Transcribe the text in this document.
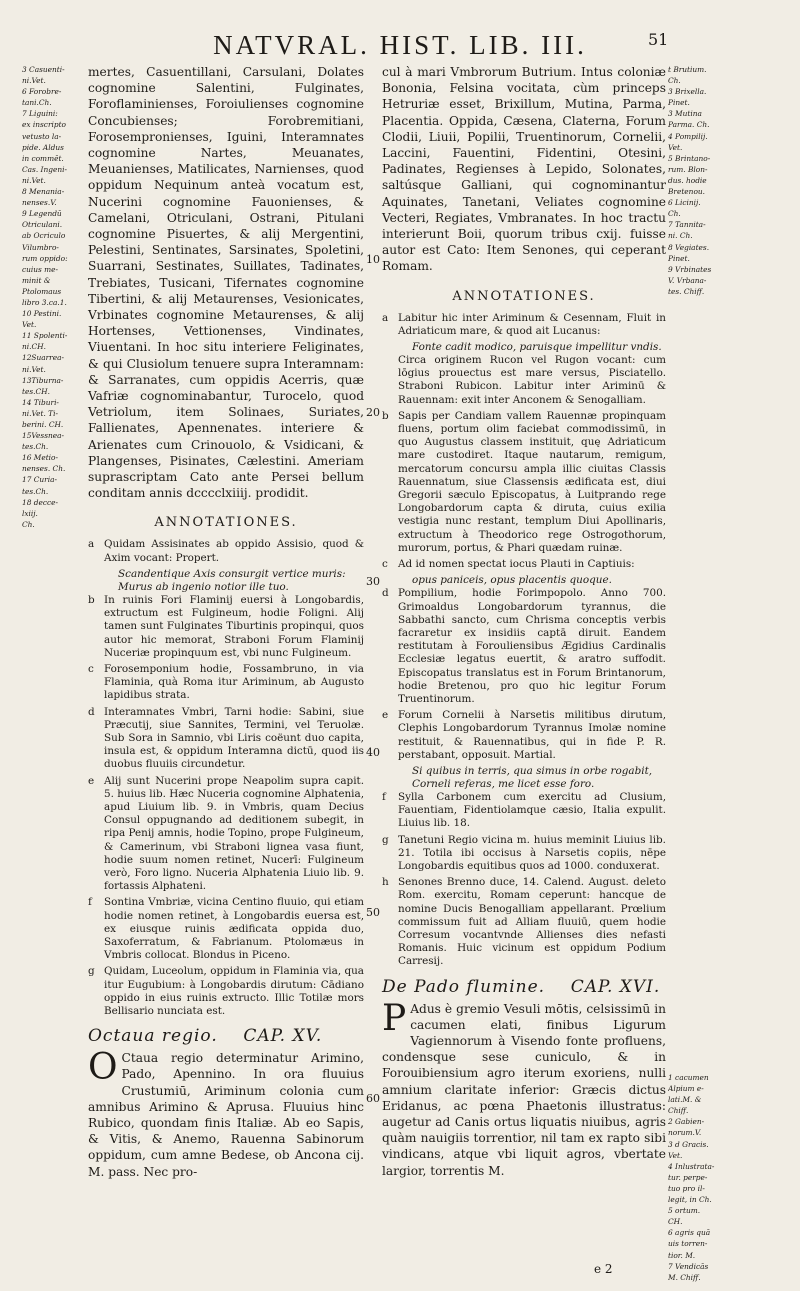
NATVRAL. HIST. LIB. III.	51
3 Casuenti-
ni.Vet.
6 Forobre-
tani.Ch.
7 Liguini:
ex inscripto
vetusto la-
pide. Aldus
in commēt.
Cas. Ingeni-
ni.Vet.
8 Menania-
nenses.V.
9 Legendū
Otriculani.
ab Ocriculo
Vilumbro-
rum oppido:
cuius me-
minit &
Ptolomaus
libro 3.ca.1.
10 Pestini.
Vet.
11 Spolenti-
ni.CH.
12Suarrea-
ni.Vet.
13Tiburna-
tes.CH.
14 Tiburi-
ni.Vet. Ti-
berini. CH.
15Vessnea-
tes.Ch.
16 Metio-
nenses. Ch.
17 Curia-
tes.Ch.
18 decce-
lxiij.
Ch.
t Brutium.
Ch.
3 Brixella.
Pinet.
3 Mutina
Parma. Ch.
4 Pompilij.
Vet.
5 Brintano-
rum. Blon-
dus. hodie
Bretenou.
6 Licinij.
Ch.
7 Tannita-
ni. Ch.
8 Vegiates.
Pinet.
9 Vrbinates
V. Vrbana-
tes. Chiff.
1 cacumen
Alpium e-
lati.M. &
Chiff.
2 Gabien-
norum.V.
3 d Gracis.
Vet.
4 Inlustrata-
tur. perpe-
tuo pro il-
legit, in Ch.
5 ortum.
CH.
6 agris quā
uis torren-
tior. M.
7 Vendicās
M. Chiff.
mertes, Casuentillani, Carsulani, Dolates cognomine Salentini, Fulginates, Foroflaminienses, Foroiulienses cognomine Concubienses; Forobremitiani, Forosempronienses, Iguini, Interamnates cognomine Nartes, Meuanates, Meuanienses, Matilicates, Narnienses, quod oppidum Nequinum anteà vocatum est, Nucerini cognomine Fauonienses, & Camelani, Otriculani, Ostrani, Pitulani cognomine Pisuertes, & alij Mergentini, Pelestini, Sentinates, Sarsinates, Spoletini, Suarrani, Sestinates, Suillates, Tadinates, Trebiates, Tusicani, Tifernates cognomine Tibertini, & alij Metaurenses, Vesionicates, Vrbinates cognomine Metaurenses, & alij Hortenses, Vettionenses, Vindinates, Viuentani. In hoc situ interiere Feliginates, & qui Clusiolum tenuere supra Interamnam: & Sarranates, cum oppidis Acerris, quæ Vafriæ cognominabantur, Turocelo, quod Vetriolum, item Solinaes, Suriates, Fallienates, Apennenates. interiere & Arienates cum Crinouolo, & Vsidicani, & Plangenses, Pisinates, Cælestini. Ameriam suprascriptam Cato ante Persei bellum conditam annis dcccclxiiij. prodidit.
ANNOTATIONES.
a Quidam Assisinates ab oppido Assisio, quod & Axim vocant: Propert.
Scandentique Axis consurgit vertice muris: Murus ab ingenio notior ille tuo.
b In ruinis Fori Flaminij euersi à Longobardis, extructum est Fulgineum, hodie Foligni. Alij tamen sunt Fulginates Tiburtinis propinqui, quos autor hic memorat, Straboni Forum Flaminij Nuceriæ propinquum est, vbi nunc Fulgineum.
c Forosemponium hodie, Fossambruno, in via Flaminia, quà Roma itur Ariminum, ab Augusto lapidibus strata.
d Interamnates Vmbri, Tarni hodie: Sabini, siue Præcutij, siue Sannites, Termini, vel Teruolæ. Sub Sora in Samnio, vbi Liris coëunt duo capita, insula est, & oppidum Interamna dictū, quod iis duobus fluuiis circundetur.
e Alij sunt Nucerini prope Neapolim supra capit. 5. huius lib. Hæc Nuceria cognomine Alphatenia, apud Liuium lib. 9. in Vmbris, quam Decius Consul oppugnando ad deditionem subegit, in ripa Penij amnis, hodie Topino, prope Fulgineum, & Camerinum, vbi Straboni lignea vasa fiunt, hodie suum nomen retinet, Nucerī: Fulgineum verò, Foro ligno. Nuceria Alphatenia Liuio lib. 9. fortassis Alphateni.
f	Sontina Vmbriæ, vicina Centino fluuio, qui etiam hodie nomen retinet, à Longobardis euersa est, ex eiusque ruinis ædificata oppida duo, Saxoferratum, & Fabrianum. Ptolomæus in Vmbris collocat. Blondus in Piceno.
g Quidam, Luceolum, oppidum in Flaminia via, qua itur Eugubium: à Longobardis dirutum: Cādiano oppido in eius ruinis extructo. Illic Totilæ mors Bellisario nunciata est.
Octaua regio. CAP. XV.
O Ctaua regio determinatur Arimino, Pado, Apennino. In ora fluuius Crustumiū, Ariminum colonia cum amnibus Arimino & Aprusa. Fluuius hinc Rubico, quondam finis Italiæ. Ab eo Sapis, & Vitis, & Anemo, Rauenna Sabinorum oppidum, cum amne Bedese, ob Ancona cij. M. pass. Nec pro-
cul à mari Vmbrorum Butrium. Intus coloniæ Bononia, Felsina vocitata, cùm princeps Hetruriæ esset, Brixillum, Mutina, Parma, Placentia. Oppida, Cæsena, Claterna, Forum Clodii, Liuii, Popilii, Truentinorum, Cornelii, Laccini, Fauentini, Fidentini, Otesini, Padinates, Regienses à Lepido, Solonates, saltúsque Galliani, qui cognominantur Aquinates, Tanetani, Veliates cognomine Vecteri, Regiates, Vmbranates. In hoc tractu interierunt Boii, quorum tribus cxij. fuisse autor est Cato: Item Senones, qui ceperant Romam.
ANNOTATIONES.
a Labitur hic inter Ariminum & Cesennam, Fluit in Adriaticum mare, & quod ait Lucanus:
Fonte cadit modico, paruisque impellitur vndis.
Circa originem Rucon vel Rugon vocant: cum lōgius prouectus est mare versus, Pisciatello. Straboni Rubicon. Labitur inter Ariminū & Rauennam: exit inter Anconem & Senogalliam.
b Sapis per Candiam vallem Rauennæ propinquam fluens, portum olim faciebat commodissimū, in quo Augustus classem instituit, quę Adriaticum mare custodiret. Itaque nautarum, remigum, mercatorum concursu ampla illic ciuitas Classis Rauennatum, siue Classensis ædificata est, diui Gregorii sæculo Episcopatus, à Luitprando rege Longobardorum capta & diruta, cuius exilia vestigia nunc restant, templum Diui Apollinaris, extructum à Theodorico rege Ostrogothorum, murorum, portus, & Phari quædam ruinæ.
c Ad id nomen spectat iocus Plauti in Captiuis:
opus paniceis, opus placentis quoque.
d Pompilium, hodie Forimpopolo. Anno 700. Grimoaldus Longobardorum tyrannus, die Sabbathi sancto, cum Chrisma conceptis verbis facraretur ex insidiis captā diruit. Eandem restitutam à Forouliensibus Ægidius Cardinalis Ecclesiæ legatus euertit, & aratro suffodit. Episcopatus translatus est in Forum Brintanorum, hodie Bretenou, pro quo hic legitur Forum Truentinorum.
e Forum Cornelii à Narsetis militibus dirutum, Clephis Longobardorum Tyrannus Imolæ nomine restituit, & Rauennatibus, qui in fide P. R. perstabant, opposuit. Martial.
Si quibus in terris, qua simus in orbe rogabit, Corneli referas, me licet esse foro.
f	Sylla Carbonem cum exercitu ad Clusium, Fauentiam, Fidentiolamque cæsio, Italia expulit. Liuius lib. 18.
g Tanetuni Regio vicina m. huius meminit Liuius lib. 21. Totila ibi occisus à Narsetis copiis, nēpe Longobardis equitibus quos ad 1000. conduxerat.
h Senones Brenno duce, 14. Calend. August. deleto Rom. exercitu, Romam ceperunt: hancque de nomine Ducis Benogalliam appellarant. Prœlium commissum fuit ad Alliam fluuiū, quem hodie Corresum vocantvnde Allienses dies nefasti Romanis. Huic vicinum est oppidum Podium Carresij.
De Pado flumine. CAP. XVI.
P Adus è gremio Vesuli mōtis, celsissimū in cacumen elati, finibus Ligurum Vagiennorum à Visendo fonte profluens, condensque sese cuniculo, & in Forouibiensium agro iterum exoriens, nulli amnium claritate inferior: Græcis dictus Eridanus, ac pœna Phaetonis illustratus: augetur ad Canis ortus liquatis niuibus, agris quàm nauigiis torrentior, nil tam ex rapto sibi vindicans, atque vbi liquit agros, vbertate largior, torrentis M.
10
20
30
40
50
60
e 2
